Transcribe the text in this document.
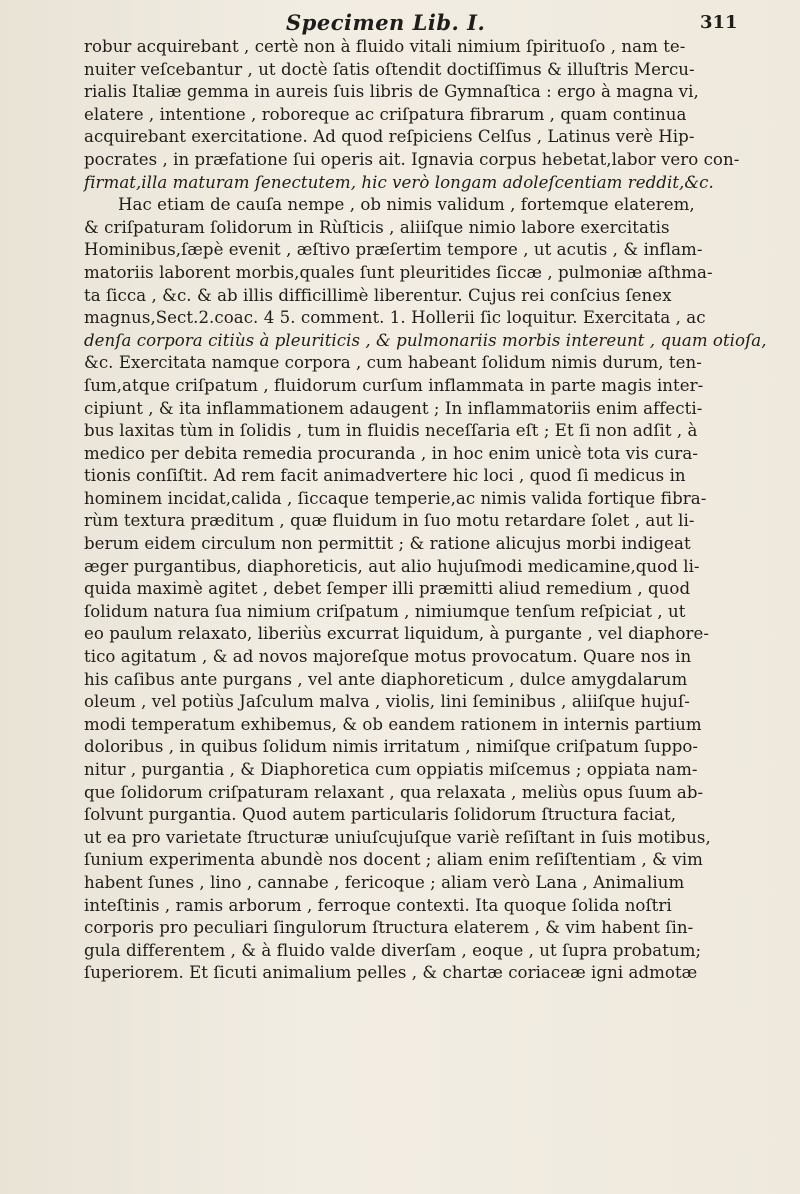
Specimen Lib. I.	311
robur acquirebant , certè non à fluido vitali nimium ſpirituoſo , nam te-
nuiter veſcebantur , ut doctè ſatis oſtendit doctiſſimus & illuſtris Mercu-
rialis Italiæ gemma in aureis ſuis libris de Gymnaſtica : ergo à magna vi,
elatere , intentione , roboreque ac criſpatura fibrarum , quam continua
acquirebant exercitatione. Ad quod reſpiciens Celſus , Latinus verè Hip-
pocrates , in præfatione ſui operis ait. Ignavia corpus hebetat,labor vero con-
firmat,illa maturam ſenectutem, hic verò longam adoleſcentiam reddit,&c.
Hac etiam de cauſa nempe , ob nimis validum , fortemque elaterem,
& criſpaturam ſolidorum in Rùſticis , aliiſque nimio labore exercitatis
Hominibus,ſæpè evenit , æſtivo præſertim tempore , ut acutis , & inflam-
matoriis laborent morbis,quales ſunt pleuritides ſiccæ , pulmoniæ aſthma-
ta ſicca , &c. & ab illis difficillimè liberentur. Cujus rei conſcius ſenex
magnus,Sect.2.coac. 4 5. comment. 1. Hollerii ſic loquitur. Exercitata , ac
denſa corpora citiùs à pleuriticis , & pulmonariis morbis intereunt , quam otioſa,
&c. Exercitata namque corpora , cum habeant ſolidum nimis durum, ten-
ſum,atque criſpatum , fluidorum curſum inflammata in parte magis inter-
cipiunt , & ita inflammationem adaugent ; In inflammatoriis enim affecti-
bus laxitas tùm in ſolidis , tum in fluidis neceſſaria eſt ; Et ſi non adſit , à
medico per debita remedia procuranda , in hoc enim unicè tota vis cura-
tionis conſiſtit. Ad rem facit animadvertere hic loci , quod ſi medicus in
hominem incidat,calida , ſiccaque temperie,ac nimis valida fortique fibra-
rùm textura præditum , quæ fluidum in ſuo motu retardare ſolet , aut li-
berum eidem circulum non permittit ; & ratione alicujus morbi indigeat
æger purgantibus, diaphoreticis, aut alio hujuſmodi medicamine,quod li-
quida maximè agitet , debet ſemper illi præmitti aliud remedium , quod
ſolidum natura ſua nimium criſpatum , nimiumque tenſum reſpiciat , ut
eo paulum relaxato, liberiùs excurrat liquidum, à purgante , vel diaphore-
tico agitatum , & ad novos majoreſque motus provocatum. Quare nos in
his caſibus ante purgans , vel ante diaphoreticum , dulce amygdalarum
oleum , vel potiùs Jaſculum malva , violis, lini ſeminibus , aliiſque hujuſ-
modi temperatum exhibemus, & ob eandem rationem in internis partium
doloribus , in quibus ſolidum nimis irritatum , nimiſque criſpatum ſuppo-
nitur , purgantia , & Diaphoretica cum oppiatis miſcemus ; oppiata nam-
que ſolidorum criſpaturam relaxant , qua relaxata , meliùs opus ſuum ab-
ſolvunt purgantia. Quod autem particularis ſolidorum ſtructura faciat,
ut ea pro varietate ſtructuræ uniuſcujuſque variè reſiſtant in ſuis motibus,
ſunium experimenta abundè nos docent ; aliam enim reſiſtentiam , & vim
habent ſunes , lino , cannabe , fericoque ; aliam verò Lana , Animalium
inteſtinis , ramis arborum , ferroque contexti. Ita quoque ſolida noſtri
corporis pro peculiari ſingulorum ſtructura elaterem , & vim habent ſin-
gula differentem , & à fluido valde diverſam , eoque , ut ſupra probatum;
ſuperiorem. Et ſicuti animalium pelles , & chartæ coriaceæ igni admotæ
